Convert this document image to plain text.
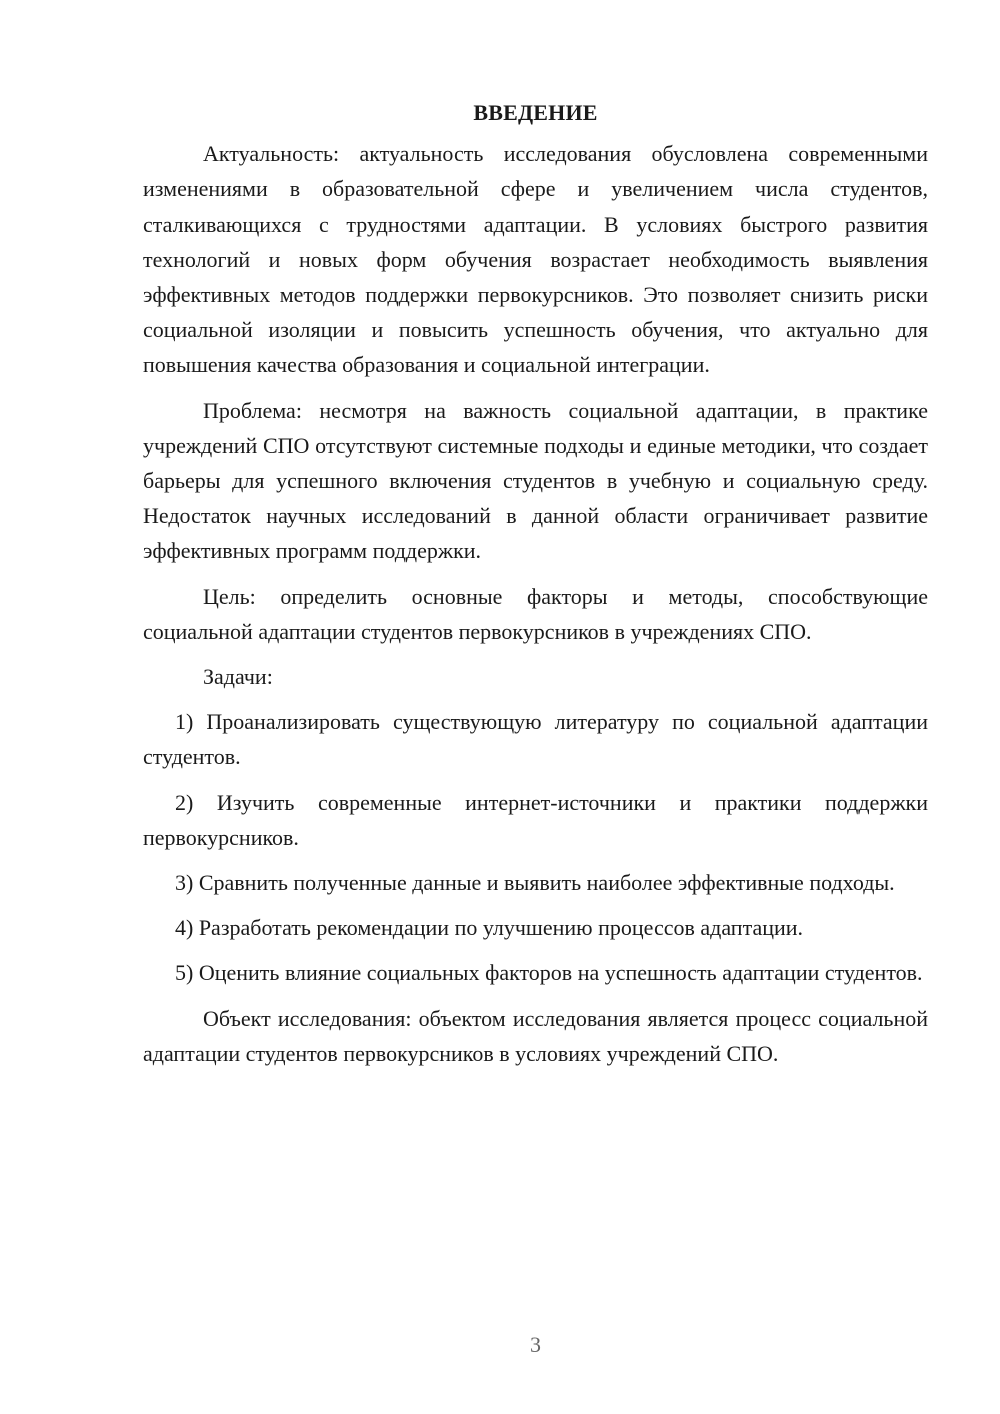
ВВЕДЕНИЕ

Актуальность: актуальность исследования обусловлена современными изменениями в образовательной сфере и увеличением числа студентов, сталкивающихся с трудностями адаптации. В условиях быстрого развития технологий и новых форм обучения возрастает необходимость выявления эффективных методов поддержки первокурсников. Это позволяет снизить риски социальной изоляции и повысить успешность обучения, что актуально для повышения качества образования и социальной интеграции.

Проблема: несмотря на важность социальной адаптации, в практике учреждений СПО отсутствуют системные подходы и единые методики, что создает барьеры для успешного включения студентов в учебную и социальную среду. Недостаток научных исследований в данной области ограничивает развитие эффективных программ поддержки.

Цель: определить основные факторы и методы, способствующие социальной адаптации студентов первокурсников в учреждениях СПО.

Задачи:

1) Проанализировать существующую литературу по социальной адаптации студентов.

2) Изучить современные интернет-источники и практики поддержки первокурсников.

3) Сравнить полученные данные и выявить наиболее эффективные подходы.

4) Разработать рекомендации по улучшению процессов адаптации.

5) Оценить влияние социальных факторов на успешность адаптации студентов.

Объект исследования: объектом исследования является процесс социальной адаптации студентов первокурсников в условиях учреждений СПО.

3
